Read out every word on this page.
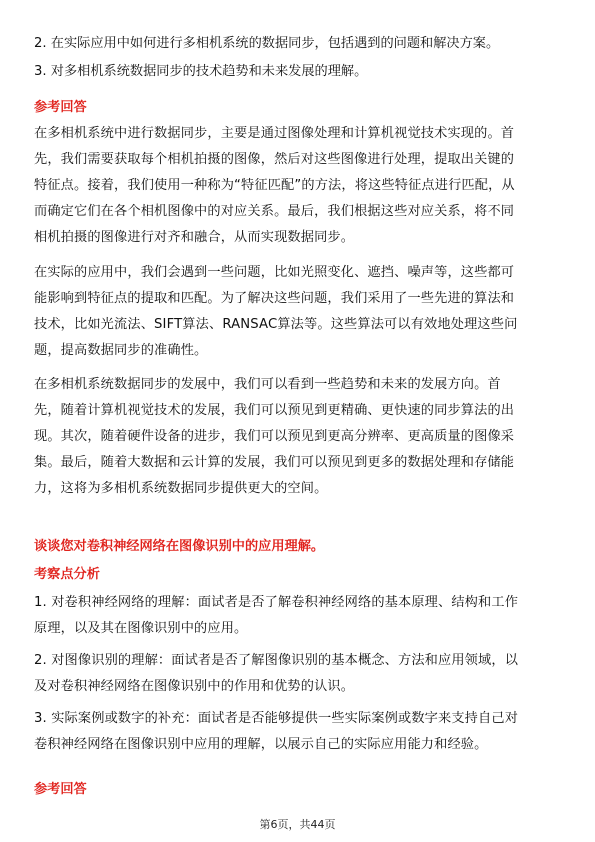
2. 在实际应用中如何进行多相机系统的数据同步，包括遇到的问题和解决方案。
3. 对多相机系统数据同步的技术趋势和未来发展的理解。
参考回答
在多相机系统中进行数据同步，主要是通过图像处理和计算机视觉技术实现的。首
先，我们需要获取每个相机拍摄的图像，然后对这些图像进行处理，提取出关键的
特征点。接着，我们使用一种称为“特征匹配”的方法，将这些特征点进行匹配，从
而确定它们在各个相机图像中的对应关系。最后，我们根据这些对应关系，将不同
相机拍摄的图像进行对齐和融合，从而实现数据同步。
在实际的应用中，我们会遇到一些问题，比如光照变化、遮挡、噪声等，这些都可
能影响到特征点的提取和匹配。为了解决这些问题，我们采用了一些先进的算法和
技术，比如光流法、SIFT算法、RANSAC算法等。这些算法可以有效地处理这些问
题，提高数据同步的准确性。
在多相机系统数据同步的发展中，我们可以看到一些趋势和未来的发展方向。首
先，随着计算机视觉技术的发展，我们可以预见到更精确、更快速的同步算法的出
现。其次，随着硬件设备的进步，我们可以预见到更高分辨率、更高质量的图像采
集。最后，随着大数据和云计算的发展，我们可以预见到更多的数据处理和存储能
力，这将为多相机系统数据同步提供更大的空间。
谈谈您对卷积神经网络在图像识别中的应用理解。
考察点分析
1. 对卷积神经网络的理解：面试者是否了解卷积神经网络的基本原理、结构和工作
原理，以及其在图像识别中的应用。
2. 对图像识别的理解：面试者是否了解图像识别的基本概念、方法和应用领域，以
及对卷积神经网络在图像识别中的作用和优势的认识。
3. 实际案例或数字的补充：面试者是否能够提供一些实际案例或数字来支持自己对
卷积神经网络在图像识别中应用的理解，以展示自己的实际应用能力和经验。
参考回答
第6页，共44页
